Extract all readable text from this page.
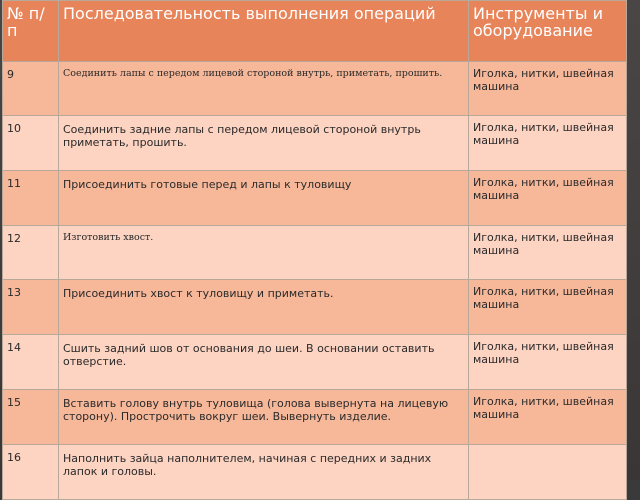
№ п/п	Последовательность выполнения операций	Инструменты и оборудование
9	Соединить лапы с передом лицевой стороной внутрь, приметать, прошить.	Иголка, нитки, швейная машина
10	Соединить задние лапы с передом лицевой стороной внутрь приметать, прошить.	Иголка, нитки, швейная машина
11	Присоединить готовые перед и лапы к туловищу	Иголка, нитки, швейная машина
12	Изготовить хвост.	Иголка, нитки, швейная машина
13	Присоединить хвост к туловищу и приметать.	Иголка, нитки, швейная машина
14	Сшить задний шов от основания до шеи. В основании оставить отверстие.	Иголка, нитки, швейная машина
15	Вставить голову внутрь туловища (голова вывернута на лицевую сторону). Прострочить вокруг шеи. Вывернуть изделие.	Иголка, нитки, швейная машина
16	Наполнить зайца наполнителем, начиная с передних и задних лапок и головы.	
